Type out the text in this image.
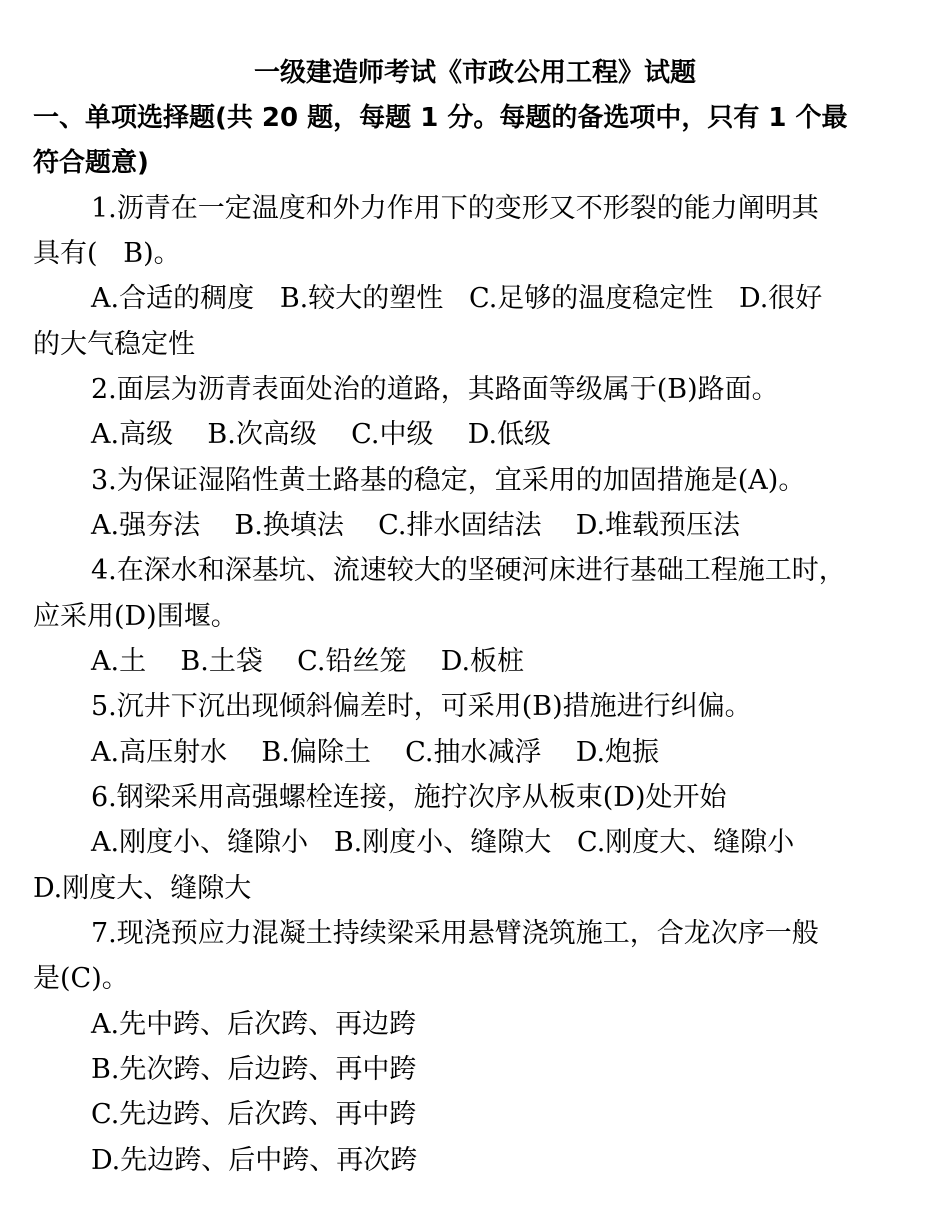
一级建造师考试《市政公用工程》试题
一、单项选择题(共 20 题，每题 1 分。每题的备选项中，只有 1 个最
符合题意)
1.沥青在一定温度和外力作用下的变形又不形裂的能力阐明其
具有(   B)。
A.合适的稠度   B.较大的塑性   C.足够的温度稳定性   D.很好
的大气稳定性
2.面层为沥青表面处治的道路，其路面等级属于(B)路面。
A.高级    B.次高级    C.中级    D.低级
3.为保证湿陷性黄土路基的稳定，宜采用的加固措施是(A)。
A.强夯法    B.换填法    C.排水固结法    D.堆载预压法
4.在深水和深基坑、流速较大的坚硬河床进行基础工程施工时，
应采用(D)围堰。
A.土    B.土袋    C.铅丝笼    D.板桩
5.沉井下沉出现倾斜偏差时，可采用(B)措施进行纠偏。
A.高压射水    B.偏除土    C.抽水减浮    D.炮振
6.钢梁采用高强螺栓连接，施拧次序从板束(D)处开始
A.刚度小、缝隙小   B.刚度小、缝隙大   C.刚度大、缝隙小
D.刚度大、缝隙大
7.现浇预应力混凝土持续梁采用悬臂浇筑施工，合龙次序一般
是(C)。
A.先中跨、后次跨、再边跨
B.先次跨、后边跨、再中跨
C.先边跨、后次跨、再中跨
D.先边跨、后中跨、再次跨
